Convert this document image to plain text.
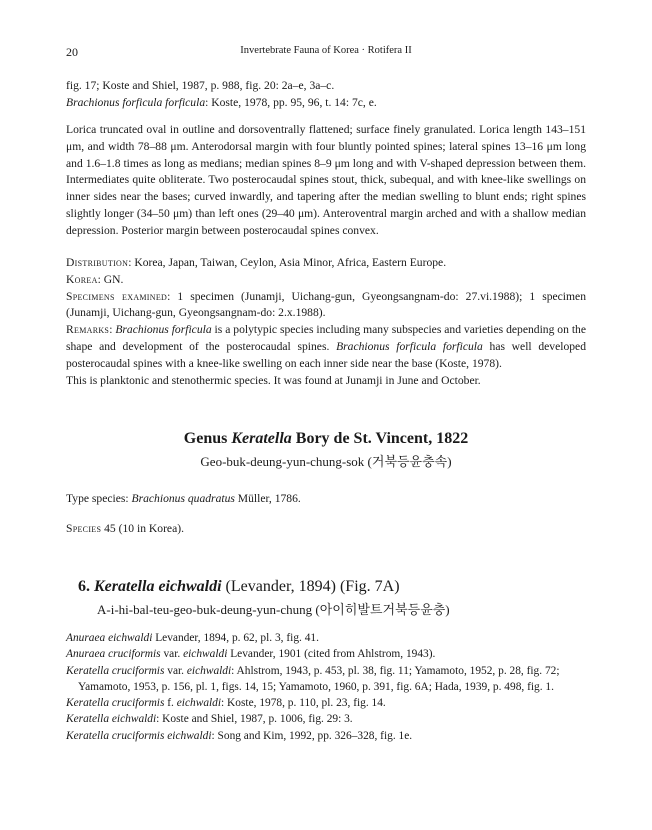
20	Invertebrate Fauna of Korea · Rotifera II

fig. 17; Koste and Shiel, 1987, p. 988, fig. 20: 2a–e, 3a–c.

Brachionus forficula forficula: Koste, 1978, pp. 95, 96, t. 14: 7c, e.

Lorica truncated oval in outline and dorsoventrally flattened; surface finely granulated. Lorica length 143–151 μm, and width 78–88 μm. Anterodorsal margin with four bluntly pointed spines; lateral spines 13–16 μm long and 1.6–1.8 times as long as medians; median spines 8–9 μm long and with V-shaped depression between them. Intermediates quite obliterate. Two posterocaudal spines stout, thick, subequal, and with knee-like swellings on inner sides near the bases; curved inwardly, and tapering after the median swelling to blunt ends; right spines slightly longer (34–50 μm) than left ones (29–40 μm). Anteroventral margin arched and with a shallow median depression. Posterior margin between posterocaudal spines convex.

Distribution: Korea, Japan, Taiwan, Ceylon, Asia Minor, Africa, Eastern Europe.

Korea: GN.

Specimens examined: 1 specimen (Junamji, Uichang-gun, Gyeongsangnam-do: 27.vi.1988); 1 specimen (Junamji, Uichang-gun, Gyeongsangnam-do: 2.x.1988).

Remarks: Brachionus forficula is a polytypic species including many subspecies and varieties depending on the shape and development of the posterocaudal spines. Brachionus forficula forficula has well developed posterocaudal spines with a knee-like swelling on each inner side near the base (Koste, 1978).

This is planktonic and stenothermic species. It was found at Junamji in June and October.

Genus Keratella Bory de St. Vincent, 1822
Geo-buk-deung-yun-chung-sok (거북등윤충속)

Type species: Brachionus quadratus Müller, 1786.

Species 45 (10 in Korea).

6. Keratella eichwaldi (Levander, 1894) (Fig. 7A)
A-i-hi-bal-teu-geo-buk-deung-yun-chung (아이히발트거북등윤충)

Anuraea eichwaldi Levander, 1894, p. 62, pl. 3, fig. 41.

Anuraea cruciformis var. eichwaldi Levander, 1901 (cited from Ahlstrom, 1943).

Keratella cruciformis var. eichwaldi: Ahlstrom, 1943, p. 453, pl. 38, fig. 11; Yamamoto, 1952, p. 28, fig. 72; Yamamoto, 1953, p. 156, pl. 1, figs. 14, 15; Yamamoto, 1960, p. 391, fig. 6A; Hada, 1939, p. 498, fig. 1.

Keratella cruciformis f. eichwaldi: Koste, 1978, p. 110, pl. 23, fig. 14.

Keratella eichwaldi: Koste and Shiel, 1987, p. 1006, fig. 29: 3.

Keratella cruciformis eichwaldi: Song and Kim, 1992, pp. 326–328, fig. 1e.
